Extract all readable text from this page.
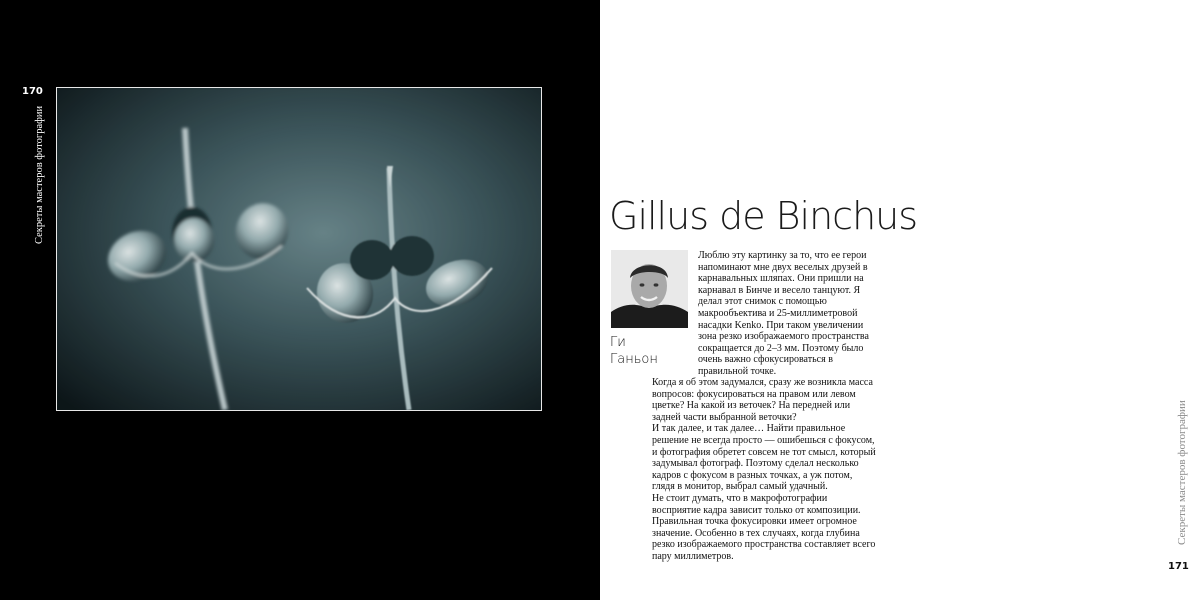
170
Секреты мастеров фотографии	Gillus de Binchus
Ги
Ганьон

Люблю эту картинку за то, что ее герои напоминают мне двух веселых друзей в карнавальных шляпах. Они пришли на карнавал в Бинче и весело танцуют. Я делал этот снимок с помощью макрообъектива и 25-миллиметровой насадки Kenko. При таком увеличении зона резко изображаемого пространства сокращается до 2–3 мм. Поэтому было очень важно сфокусироваться в правильной точке.

Когда я об этом задумался, сразу же возникла масса вопросов: фокусироваться на правом или левом цветке? На какой из веточек? На передней или задней части выбранной веточки?

И так далее, и так далее… Найти правильное решение не всегда просто — ошибешься с фокусом, и фотография обретет совсем не тот смысл, который задумывал фотограф. Поэтому сделал несколько кадров с фокусом в разных точках, а уж потом, глядя в монитор, выбрал самый удачный.

Не стоит думать, что в макрофотографии восприятие кадра зависит только от композиции. Правильная точка фокусировки имеет огромное значение. Особенно в тех случаях, когда глубина резко изображаемого пространства составляет всего пару миллиметров.

Секреты мастеров фотографии
171
